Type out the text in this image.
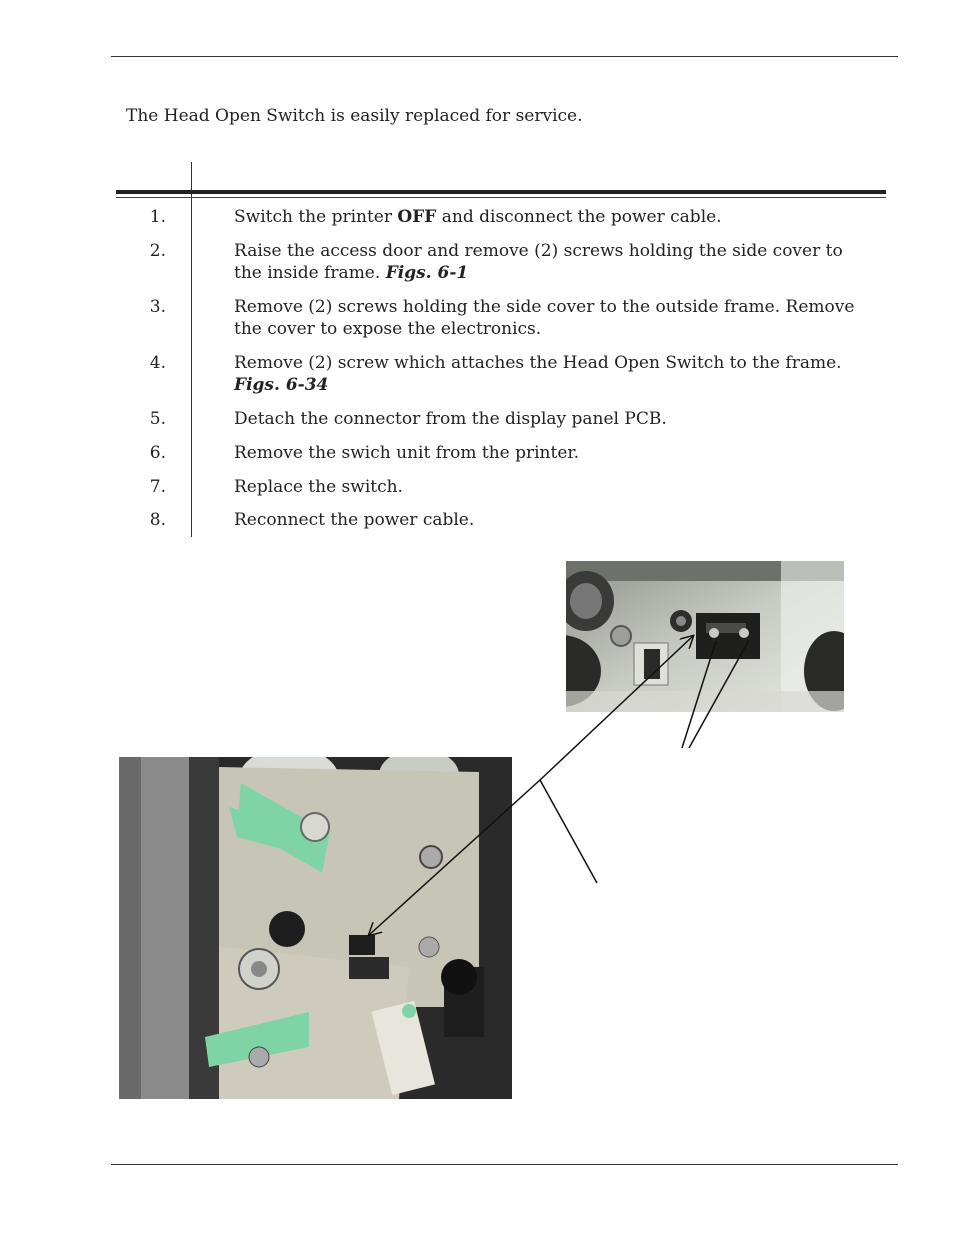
The Head Open Switch is easily replaced for service.

1.	Switch the printer OFF and disconnect the power cable.
2.	Raise the access door and remove (2) screws holding the side cover to the inside frame. Figs. 6-1
3.	Remove (2) screws holding the side cover to the outside frame. Remove the cover to expose the electronics.
4.	Remove (2) screw which attaches the Head Open Switch to the frame.
Figs. 6-34
5.	Detach the connector from the display panel PCB.
6.	Remove the swich unit from the printer.
7.	Replace the switch.
8.	Reconnect the power cable.
